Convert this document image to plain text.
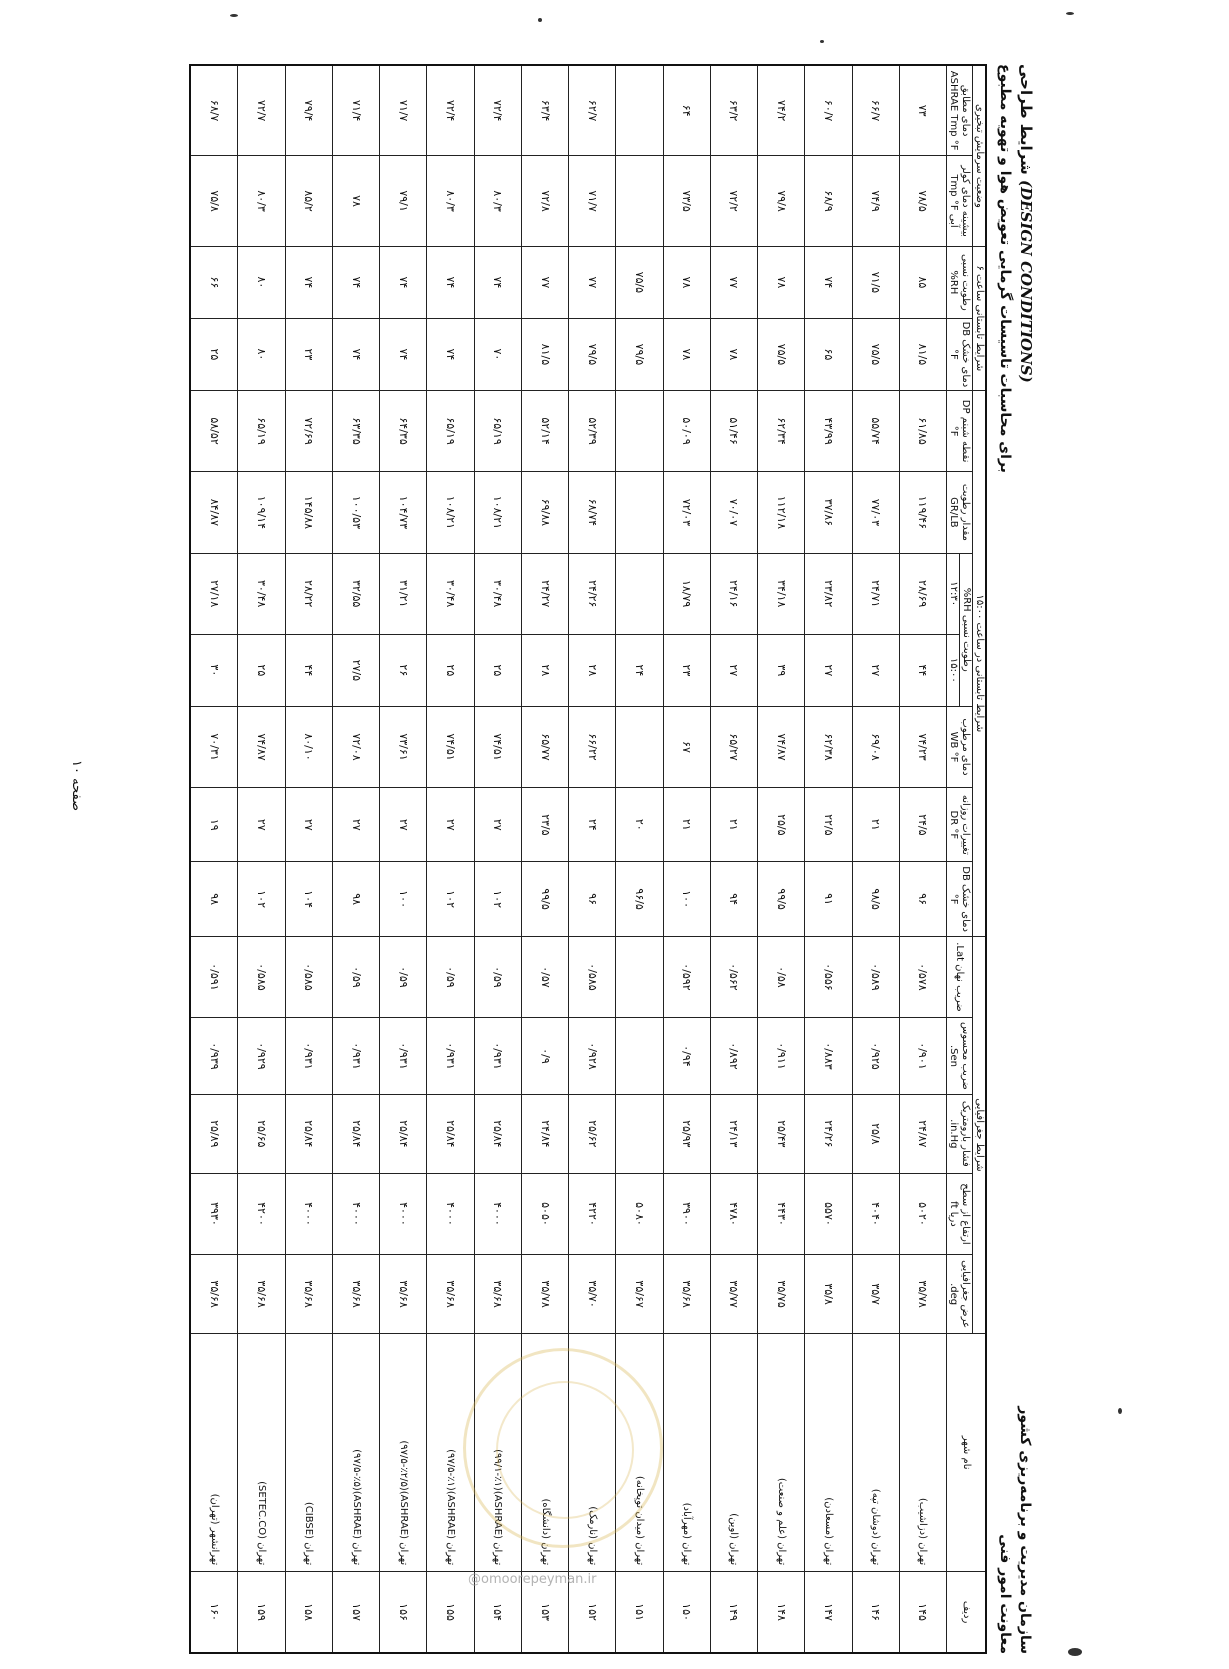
سازمان مدیریت و برنامه‌ریزی کشور
معاونت امور فنی
شرایط طراحی (DESIGN CONDITIONS)
برای محاسبات تاسیسات گرمایی تعویض هوا و تهویه مطبوع
ردیف	نام شهر	شرایط جغرافیایی					شرایط تابستانی در ساعت ۱۵:۰۰							شرایط تابستانی ساعت ۶		وضعیت سرمایش تبخیری	
		عرض جغرافیایی deg.	ارتفاع از سطح دریا ft	فشار بارومتریک in.Hg.	ضریب محسوس Sen.	ضریب نهان Lat.	دمای خشک DB °F	تغییرات روزانه DR °F	دمای مرطوب WB °F	رطوبت نسبی RH%		مقدار رطوبت GR/LB	نقطه شبنم DP °F	دمای خشک DB °F	رطوبت نسبی RH%	بیشینه دمای کولر آبی Tmp °F	دمای مطابق ASHRAE Tmp °F
										۱۵:۰۰	۱۲:۳۰						
۱۴۵	تهران (دزاشیب)	۳۵/۷۸	۵۰۲۰	۲۴/۸۷	۰/۹۰۱	۰/۵۷۸	۹۶	۲۴/۵	۷۴/۲۳	۴۴	۲۸/۶۹	۱۱۹/۴۶	۶۱/۸۵	۸۱/۵	۸۵	۷۸/۵	۷۳
۱۴۶	تهران (دوشان تپه)	۳۵/۷	۴۰۴۰	۲۵/۸	۰/۹۲۵	۰/۵۸۹	۹۸/۵	۲۱	۶۹/۰۸	۲۷	۲۴/۷۱	۷۷/۰۳	۵۵/۷۴	۷۵/۵	۷۱/۵	۷۴/۹	۶۶/۷
۱۴۷	تهران (مسعادن)	۳۵/۸	۵۵۷۰	۲۴/۲۶	۰/۸۸۳	۰/۵۵۶	۹۱	۲۲/۵	۶۲/۳۸	۲۷	۲۳/۸۲	۳۷/۸۶	۴۳/۹۹	۶۵	۷۴	۶۸/۹	۶۰/۷
۱۴۸	تهران (علم و صنعت)	۳۵/۷۵	۴۴۳۰	۲۵/۴۳	۰/۹۱۱	۰/۵۸	۹۹/۵	۲۵/۵	۷۴/۸۷	۳۹	۳۴/۱۸	۱۱۲/۱۸	۶۲/۳۴	۷۵/۵	۷۸	۷۹/۸	۷۴/۲
۱۴۹	تهران (اوین)	۳۵/۷۷	۴۷۸۰	۲۴/۱۳	۰/۸۹۲	۰/۵۶۲	۹۴	۲۱	۶۵/۲۷	۲۷	۲۴/۱۶	۷۰/۰۷	۵۱/۴۶	۷۸	۷۷	۷۲/۲	۶۳/۲
۱۵۰	تهران (مهرآباد)	۳۵/۶۸	۳۹۰۰	۲۵/۹۳	۰/۹۴	۰/۵۹۲	۱۰۰	۲۱	۶۷	۲۳	۱۸/۷۹	۷۲/۰۳	۵۰/۰۹	۷۸	۷۸	۷۳/۵	۶۴
۱۵۱	تهران (میدان توپخانه)	۳۵/۶۷	۵۰۸۰				۹۶/۵	۲۰		۲۴				۷۹/۵	۷۵/۵		
۱۵۲	تهران (نارمک)	۳۵/۷۰	۴۲۲۰	۲۵/۶۲	۰/۹۲۸	۰/۵۸۵	۹۶	۲۴	۶۶/۲۲	۲۸	۲۴/۲۶	۶۸/۷۴	۵۲/۳۹	۷۹/۵	۷۷	۷۱/۷	۶۲/۷
۱۵۳	تهران (دانشگاه)	۳۵/۷۸	۵۰۵۰	۲۴/۸۴	۰/۹	۰/۵۷	۹۹/۵	۲۳/۵	۶۵/۷۷	۲۸	۲۴/۲۷	۶۹/۸۸	۵۲/۱۴	۸۱/۵	۷۷	۷۲/۸	۶۳/۴
۱۵۴	تهران (ASHRAE)(۹۹/۱-٪۱)	۳۵/۶۸	۴۰۰۰	۲۵/۸۴	۰/۹۳۱	۰/۵۹	۱۰۲	۲۷	۷۴/۵۱	۲۵	۳۰/۴۸	۱۰۸/۲۱	۶۵/۱۹	۷۰	۷۴	۸۰/۳	۷۲/۴
۱۵۵	تهران (ASHRAE)(۹۷/۵-٪۱)	۳۵/۶۸	۴۰۰۰	۲۵/۸۴	۰/۹۳۱	۰/۵۹	۱۰۲	۲۷	۷۴/۵۱	۲۵	۳۰/۴۸	۱۰۸/۲۱	۶۵/۱۹	۷۴	۷۴	۸۰/۳	۷۲/۴
۱۵۶	تهران (ASHRAE)(۹۷/۵-٪۲/۵)	۳۵/۶۸	۴۰۰۰	۲۵/۸۴	۰/۹۳۱	۰/۵۹	۱۰۰	۲۷	۷۳/۶۱	۲۶	۳۱/۲۱	۱۰۴/۷۳	۶۴/۳۵	۷۴	۷۴	۷۹/۱	۷۱/۷
۱۵۷	تهران (ASHRAE)(۹۷/۵-٪۵)	۳۵/۶۸	۴۰۰۰	۲۵/۸۴	۰/۹۳۱	۰/۵۹	۹۸	۲۷	۷۲/۰۸	۲۷/۵	۳۲/۵۵	۱۰۰/۵۳	۶۳/۳۵	۷۴	۷۴	۷۸	۷۱/۴
۱۵۸	تهران (CIBSE)	۳۵/۶۸	۴۰۰۰	۲۵/۸۴	۰/۹۳۱	۰/۵۸۵	۱۰۴	۲۷	۸۰/۱۰	۴۴	۲۸/۲۲	۱۴۵/۸۸	۷۲/۶۹	۲۳	۷۴	۸۵/۲	۷۹/۴
۱۵۹	تهران (SETEC.CO)	۳۵/۶۸	۴۲۰۰	۲۵/۶۵	۰/۹۲۹	۰/۵۸۵	۱۰۲	۲۷	۷۴/۸۷	۲۵	۳۰/۴۸	۱۰۹/۱۴	۶۵/۱۹	۸۰	۸۰	۸۰/۳	۷۲/۷
۱۶۰	تهرانشهر (تهران)	۳۵/۶۸	۳۹۳۰	۲۵/۸۹	۰/۹۳۹	۰/۵۹۱	۹۸	۱۹	۷۰/۳۱	۳۰	۲۷/۱۸	۸۴/۸۷	۵۸/۵۲	۲۵	۶۶	۷۵/۸	۶۸/۷
صفحه ۱۰
@omoorepeyman.ir
